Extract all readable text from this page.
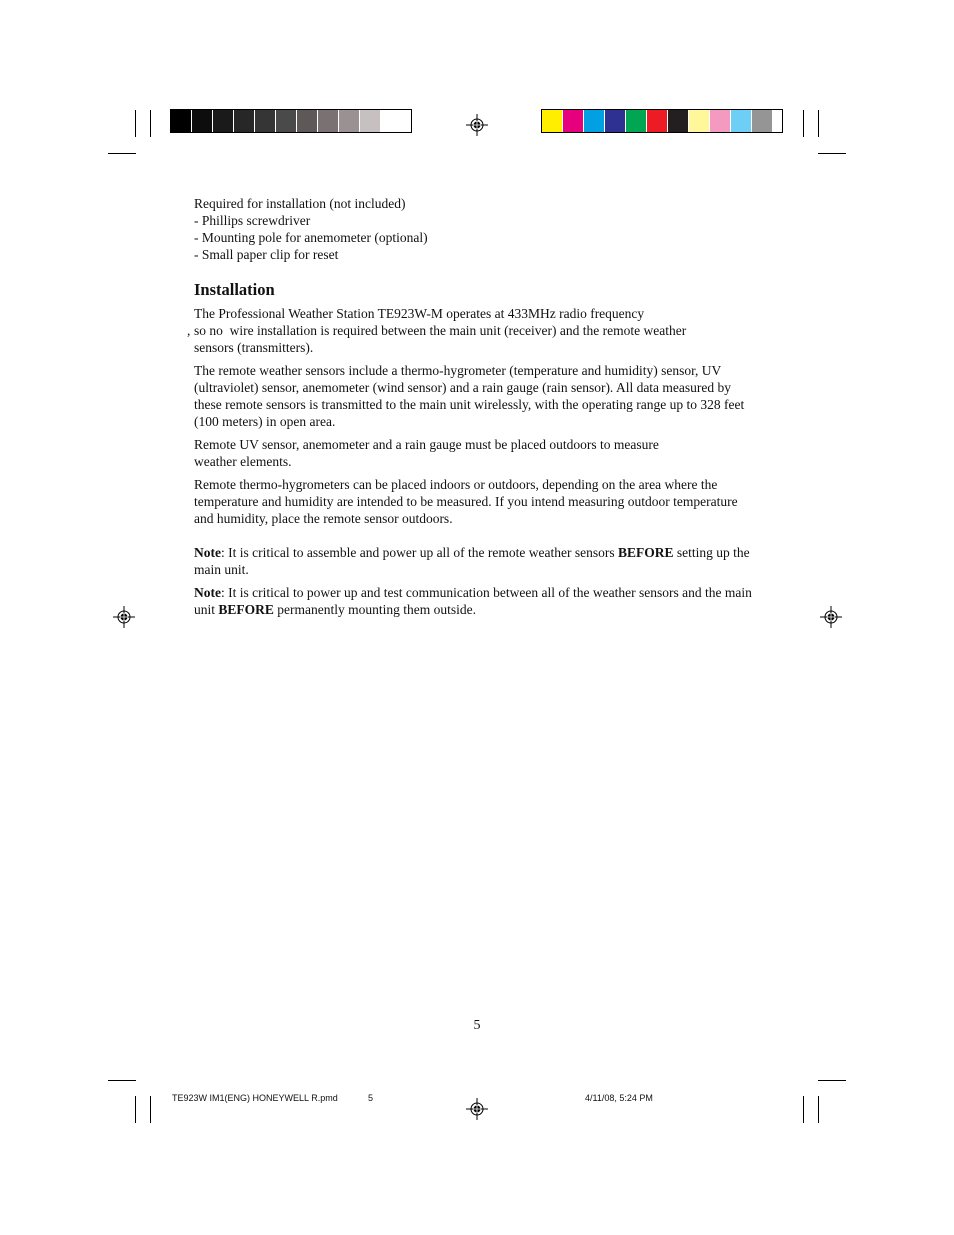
Required for installation (not included)
- Phillips screwdriver
- Mounting pole for anemometer (optional)
- Small paper clip for reset
Installation

The Professional Weather Station TE923W-M operates at 433MHz radio frequency

, so no wire installation is required between the main unit (receiver) and the remote weather
sensors (transmitters).

The remote weather sensors include a thermo-hygrometer (temperature and humidity) sensor, UV (ultraviolet) sensor, anemometer (wind sensor) and a rain gauge (rain sensor). All data measured by these remote sensors is transmitted to the main unit wirelessly, with the operating range up to 328 feet (100 meters) in open area.

Remote UV sensor, anemometer and a rain gauge must be placed outdoors to measure
weather elements.

Remote thermo-hygrometers can be placed indoors or outdoors, depending on the area where the temperature and humidity are intended to be measured. If you intend measuring outdoor temperature and humidity, place the remote sensor outdoors.

Note: It is critical to assemble and power up all of the remote weather sensors BEFORE setting up the main unit.

Note: It is critical to power up and test communication between all of the weather sensors and the main unit BEFORE permanently mounting them outside.

5
TE923W IM1(ENG) HONEYWELL R.pmd	5	4/11/08, 5:24 PM
